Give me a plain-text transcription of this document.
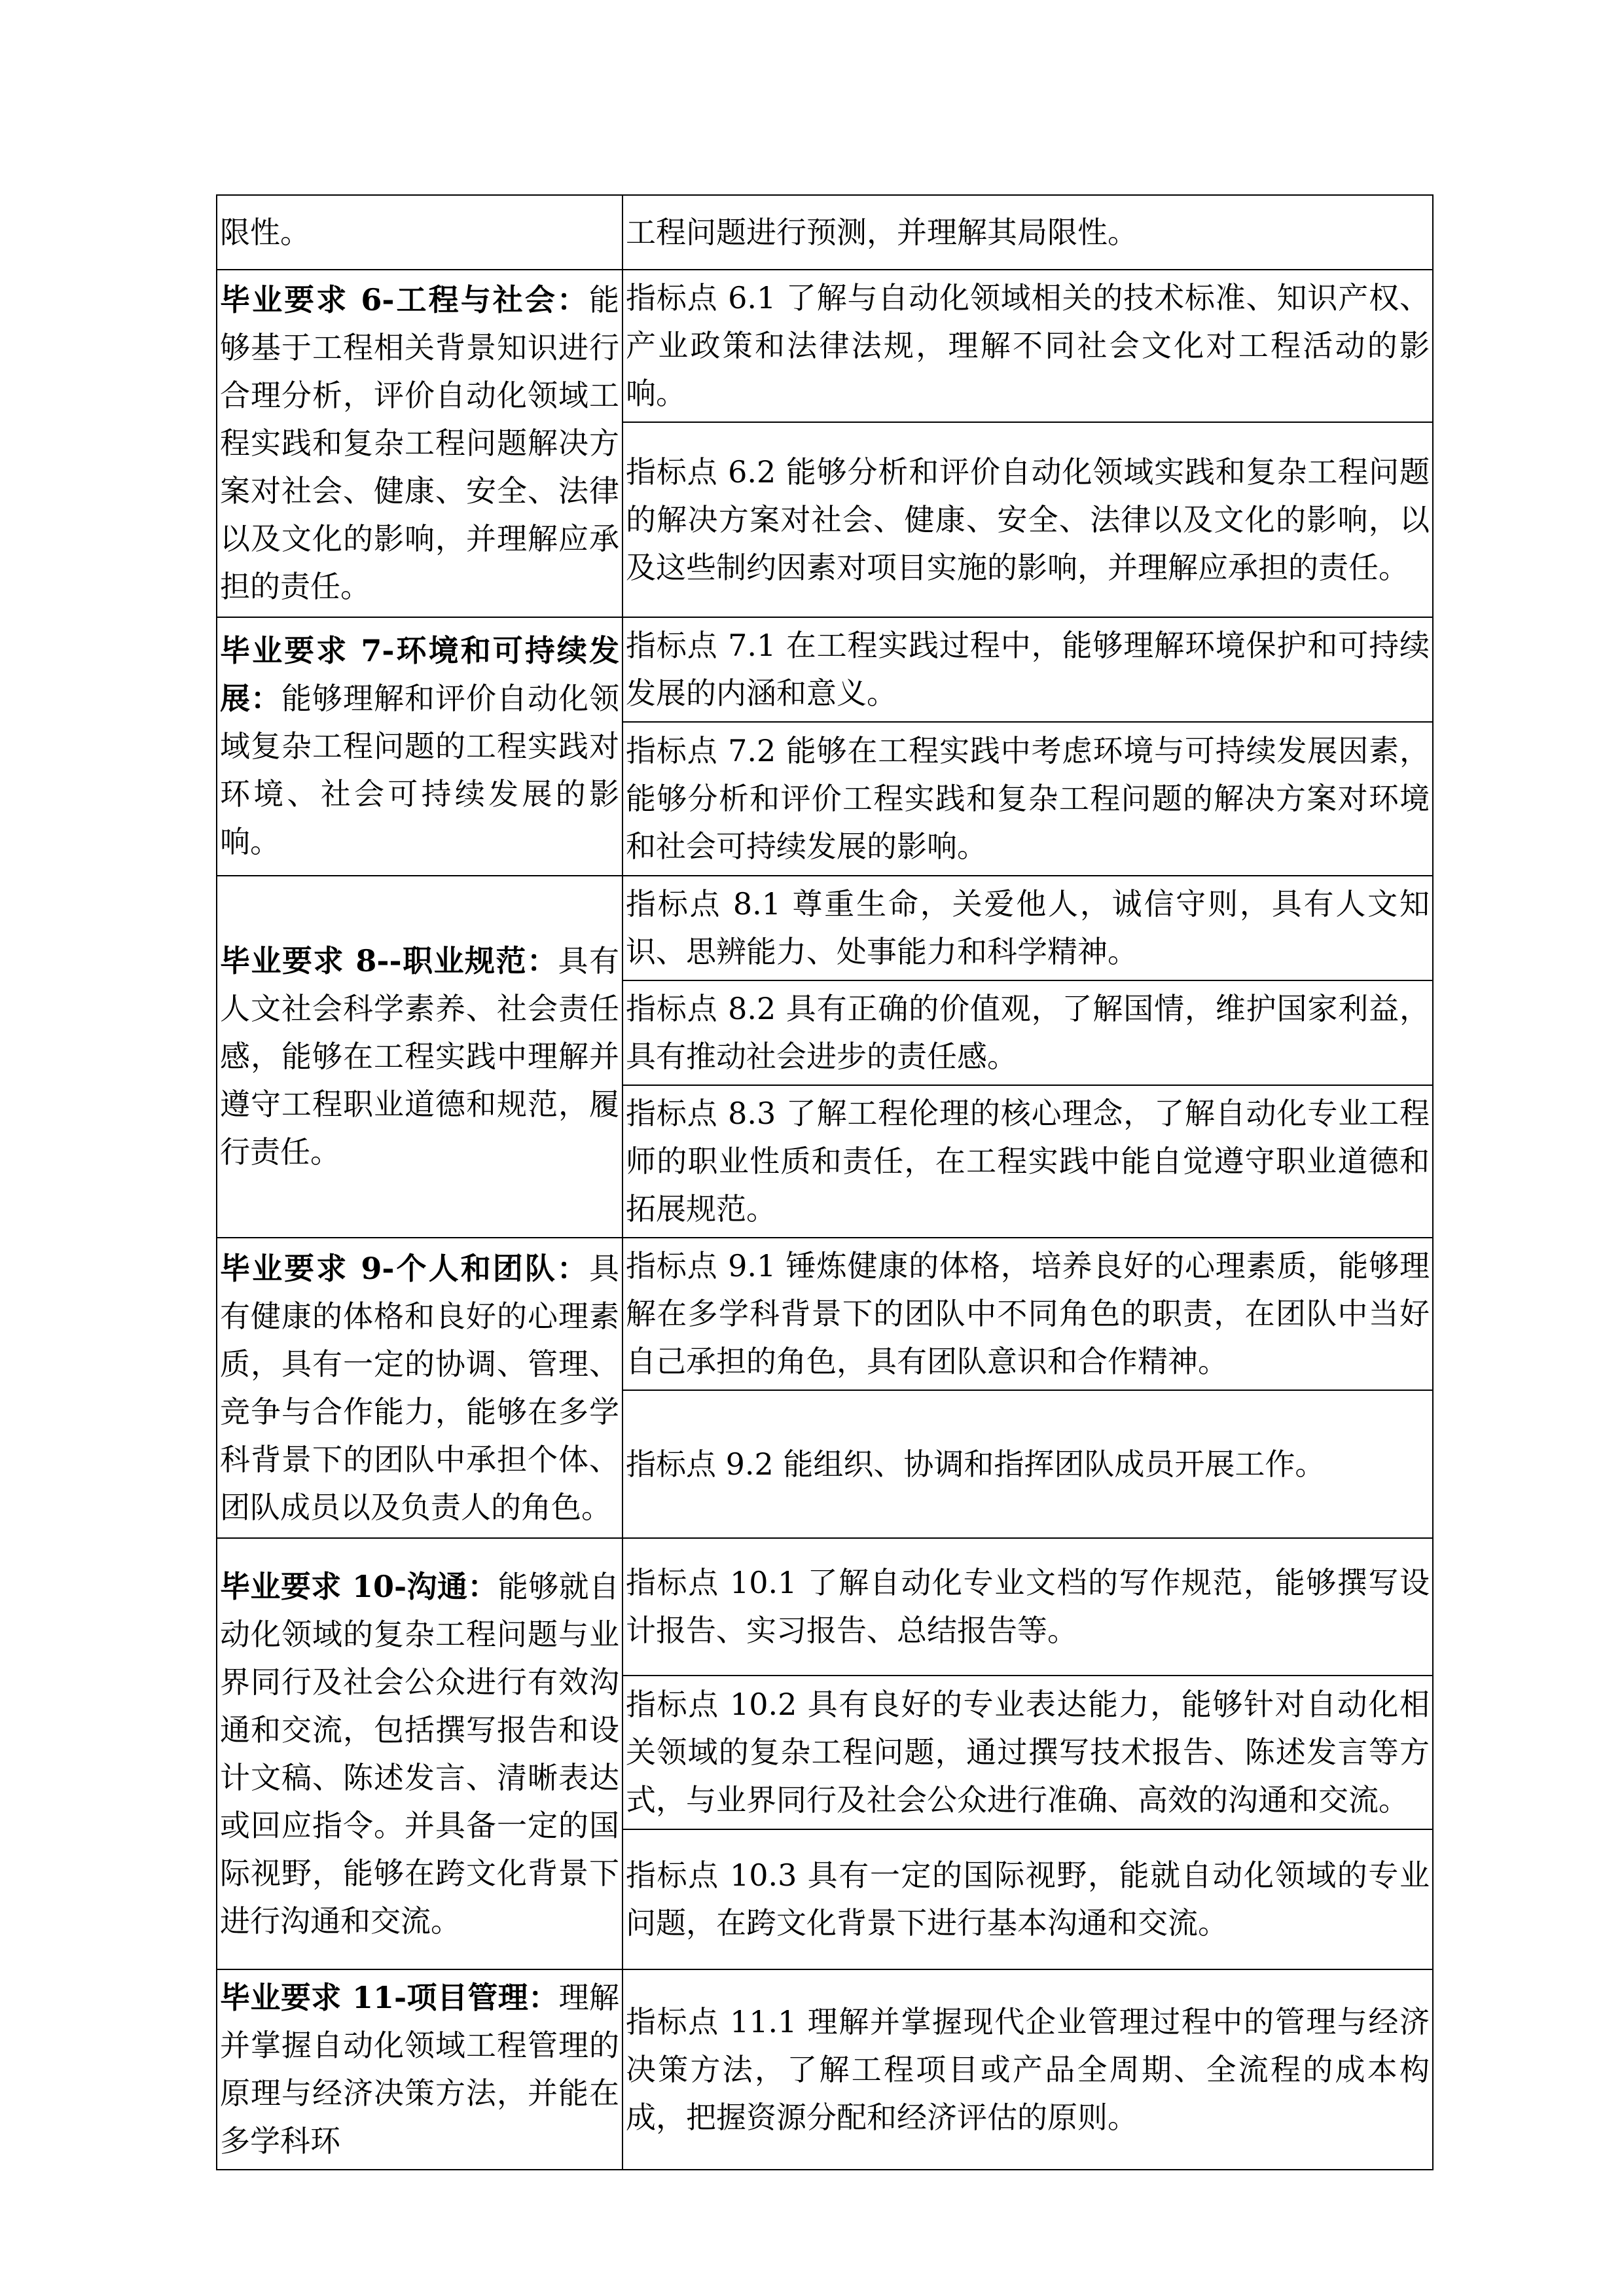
限性。	工程问题进行预测，并理解其局限性。
毕业要求 6-工程与社会：能够基于工程相关背景知识进行合理分析，评价自动化领域工程实践和复杂工程问题解决方案对社会、健康、安全、法律以及文化的影响，并理解应承担的责任。	指标点 6.1 了解与自动化领域相关的技术标准、知识产权、产业政策和法律法规，理解不同社会文化对工程活动的影响。
	指标点 6.2 能够分析和评价自动化领域实践和复杂工程问题的解决方案对社会、健康、安全、法律以及文化的影响，以及这些制约因素对项目实施的影响，并理解应承担的责任。
毕业要求 7-环境和可持续发展：能够理解和评价自动化领域复杂工程问题的工程实践对环境、社会可持续发展的影响。	指标点 7.1 在工程实践过程中，能够理解环境保护和可持续发展的内涵和意义。
	指标点 7.2 能够在工程实践中考虑环境与可持续发展因素，能够分析和评价工程实践和复杂工程问题的解决方案对环境和社会可持续发展的影响。
毕业要求 8--职业规范：具有人文社会科学素养、社会责任感，能够在工程实践中理解并遵守工程职业道德和规范，履行责任。	指标点 8.1 尊重生命，关爱他人，诚信守则，具有人文知识、思辨能力、处事能力和科学精神。
	指标点 8.2 具有正确的价值观，了解国情，维护国家利益，具有推动社会进步的责任感。
	指标点 8.3 了解工程伦理的核心理念，了解自动化专业工程师的职业性质和责任，在工程实践中能自觉遵守职业道德和拓展规范。
毕业要求 9-个人和团队：具有健康的体格和良好的心理素质，具有一定的协调、管理、竞争与合作能力，能够在多学科背景下的团队中承担个体、团队成员以及负责人的角色。	指标点 9.1 锤炼健康的体格，培养良好的心理素质，能够理解在多学科背景下的团队中不同角色的职责，在团队中当好自己承担的角色，具有团队意识和合作精神。
	指标点 9.2 能组织、协调和指挥团队成员开展工作。
毕业要求 10-沟通：能够就自动化领域的复杂工程问题与业界同行及社会公众进行有效沟通和交流，包括撰写报告和设计文稿、陈述发言、清晰表达或回应指令。并具备一定的国际视野，能够在跨文化背景下进行沟通和交流。	指标点 10.1 了解自动化专业文档的写作规范，能够撰写设计报告、实习报告、总结报告等。
	指标点 10.2 具有良好的专业表达能力，能够针对自动化相关领域的复杂工程问题，通过撰写技术报告、陈述发言等方式，与业界同行及社会公众进行准确、高效的沟通和交流。
	指标点 10.3 具有一定的国际视野，能就自动化领域的专业问题，在跨文化背景下进行基本沟通和交流。
毕业要求 11-项目管理：理解并掌握自动化领域工程管理的原理与经济决策方法，并能在多学科环	指标点 11.1 理解并掌握现代企业管理过程中的管理与经济决策方法，了解工程项目或产品全周期、全流程的成本构成，把握资源分配和经济评估的原则。
